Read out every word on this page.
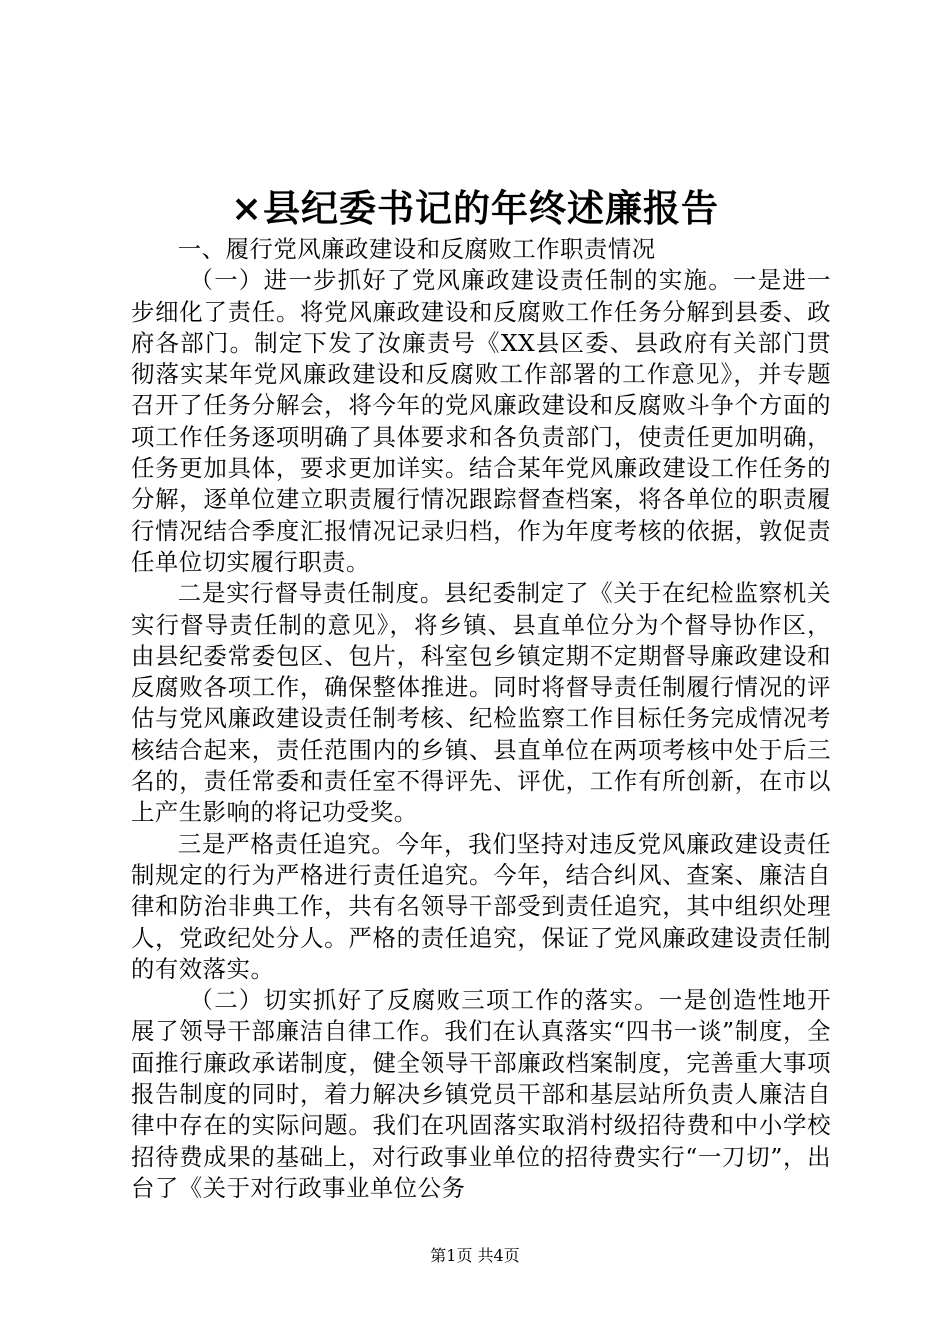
×县纪委书记的年终述廉报告

一、履行党风廉政建设和反腐败工作职责情况

（一）进一步抓好了党风廉政建设责任制的实施。一是进一步细化了责任。将党风廉政建设和反腐败工作任务分解到县委、政府各部门。制定下发了汝廉责号《XX县区委、县政府有关部门贯彻落实某年党风廉政建设和反腐败工作部署的工作意见》，并专题召开了任务分解会，将今年的党风廉政建设和反腐败斗争个方面的项工作任务逐项明确了具体要求和各负责部门，使责任更加明确，任务更加具体，要求更加详实。结合某年党风廉政建设工作任务的分解，逐单位建立职责履行情况跟踪督查档案，将各单位的职责履行情况结合季度汇报情况记录归档，作为年度考核的依据，敦促责任单位切实履行职责。

二是实行督导责任制度。县纪委制定了《关于在纪检监察机关实行督导责任制的意见》，将乡镇、县直单位分为个督导协作区，由县纪委常委包区、包片，科室包乡镇定期不定期督导廉政建设和反腐败各项工作，确保整体推进。同时将督导责任制履行情况的评估与党风廉政建设责任制考核、纪检监察工作目标任务完成情况考核结合起来，责任范围内的乡镇、县直单位在两项考核中处于后三名的，责任常委和责任室不得评先、评优，工作有所创新，在市以上产生影响的将记功受奖。

三是严格责任追究。今年，我们坚持对违反党风廉政建设责任制规定的行为严格进行责任追究。今年，结合纠风、查案、廉洁自律和防治非典工作，共有名领导干部受到责任追究，其中组织处理人，党政纪处分人。严格的责任追究，保证了党风廉政建设责任制的有效落实。

（二）切实抓好了反腐败三项工作的落实。一是创造性地开展了领导干部廉洁自律工作。我们在认真落实“四书一谈”制度，全面推行廉政承诺制度，健全领导干部廉政档案制度，完善重大事项报告制度的同时，着力解决乡镇党员干部和基层站所负责人廉洁自律中存在的实际问题。我们在巩固落实取消村级招待费和中小学校招待费成果的基础上，对行政事业单位的招待费实行“一刀切”，出台了《关于对行政事业单位公务

第1页 共4页
